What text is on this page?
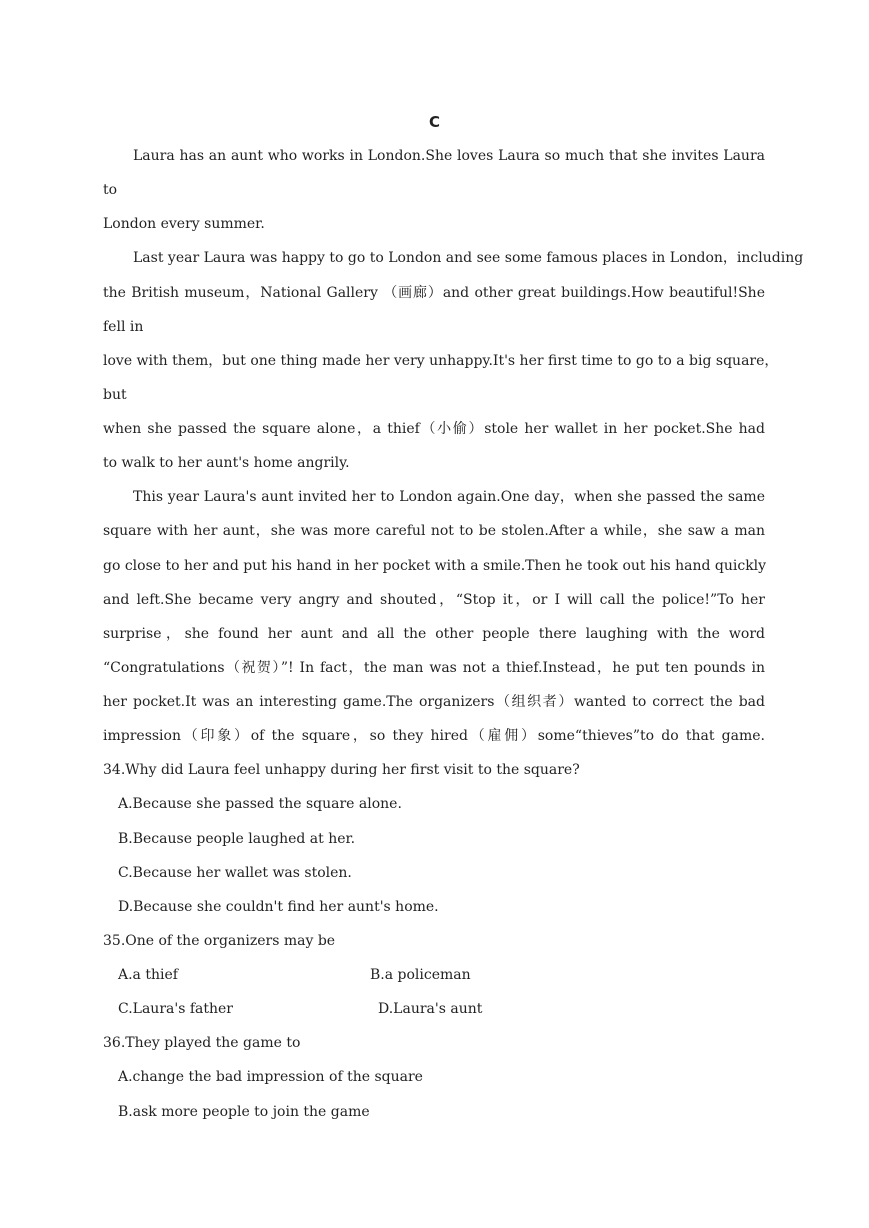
C
Laura has an aunt who works in London.She loves Laura so much that she invites Laura
to
London every summer.
Last year Laura was happy to go to London and see some famous places in London，including
the British museum，National Gallery （画廊）and other great buildings.How beautiful!She
fell in
love with them，but one thing made her very unhappy.It's her first time to go to a big square，
but
when she passed the square alone，a thief（小偷）stole her wallet in her pocket.She had
to walk to her aunt's home angrily.
This year Laura's aunt invited her to London again.One day，when she passed the same
square with her aunt，she was more careful not to be stolen.After a while，she saw a man
go close to her and put his hand in her pocket with a smile.Then he took out his hand quickly
and left.She became very angry and shouted，“Stop it，or I will call the police!”To her
surprise，she found her aunt and all the other people there laughing with the word
“Congratulations（祝贺）”! In fact，the man was not a thief.Instead，he put ten pounds in
her pocket.It was an interesting game.The organizers（组织者）wanted to correct the bad
impression（印象）of the square，so they hired（雇佣）some“thieves”to do that game.
34.Why did Laura feel unhappy during her first visit to the square?
A.Because she passed the square alone.
B.Because people laughed at her.
C.Because her wallet was stolen.
D.Because she couldn't find her aunt's home.
35.One of the organizers may be
A.a thief	B.a policeman
C.Laura's father	D.Laura's aunt
36.They played the game to
A.change the bad impression of the square
B.ask more people to join the game
